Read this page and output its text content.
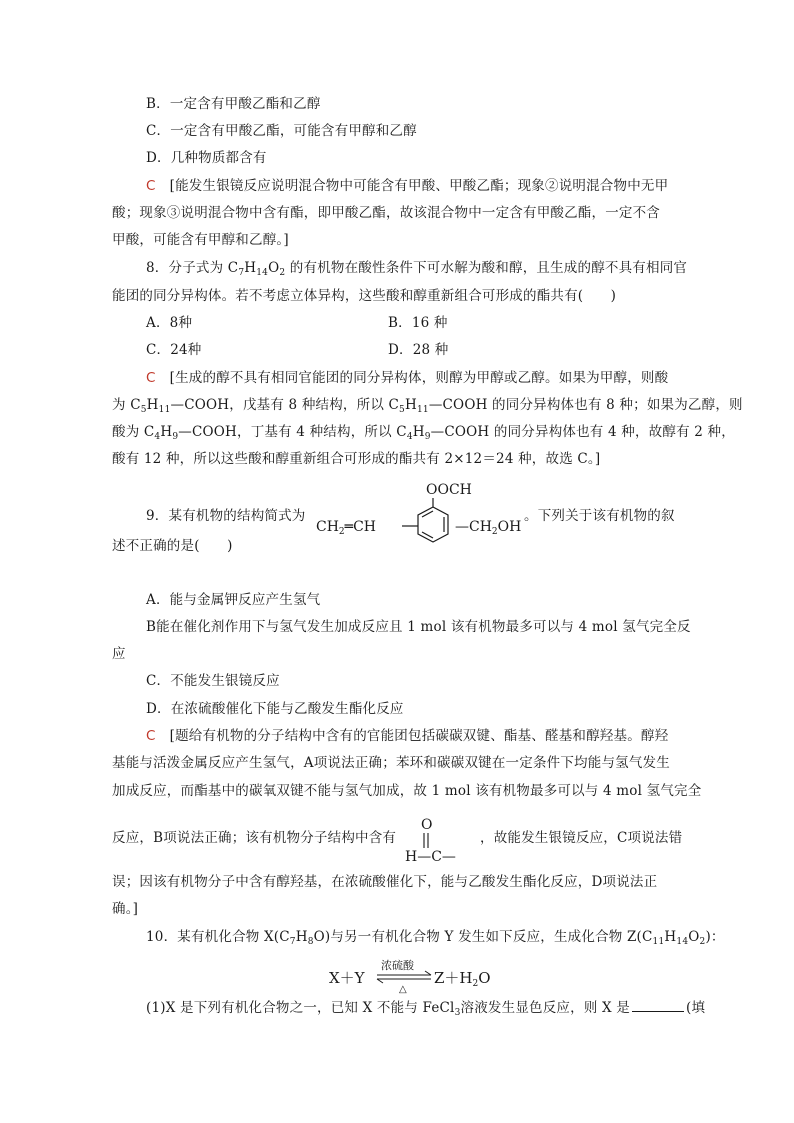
B．一定含有甲酸乙酯和乙醇
C．一定含有甲酸乙酯，可能含有甲醇和乙醇
D．几种物质都含有
C [能发生银镜反应说明混合物中可能含有甲酸、甲酸乙酯；现象②说明混合物中无甲
酸；现象③说明混合物中含有酯，即甲酸乙酯，故该混合物中一定含有甲酸乙酯，一定不含
甲酸，可能含有甲醇和乙醇。]
8．分子式为 $C_7H_{14}O_2$ 的有机物在酸性条件下可水解为酸和醇，且生成的醇不具有相同官
能团的同分异构体。若不考虑立体异构，这些酸和醇重新组合可形成的酯共有(　　)
A．8种	B．16 种
C．24种	D．28 种
C [生成的醇不具有相同官能团的同分异构体，则醇为甲醇或乙醇。如果为甲醇，则酸
为 $C_5H_{11}—COOH$，戊基有 8 种结构，所以 $C_5H_{11}—COOH$ 的同分异构体也有 8 种；如果为乙醇，则
酸为 $C_4H_9—COOH$，丁基有 4 种结构，所以 $C_4H_9—COOH$ 的同分异构体也有 4 种，故醇有 2 种，
酸有 12 种，所以这些酸和醇重新组合可形成的酯共有 2×12＝24 种，故选 C。]
9．某有机物的结构简式为	。下列关于该有机物的叙
OOCH
$CH_2═CH$	$—CH_2OH$
述不正确的是(　　)
A．能与金属钾反应产生氢气
B能在催化剂作用下与氢气发生加成反应且 1 mol 该有机物最多可以与 4 mol 氢气完全反
应
C．不能发生银镜反应
D．在浓硫酸催化下能与乙酸发生酯化反应
C [题给有机物的分子结构中含有的官能团包括碳碳双键、酯基、醛基和醇羟基。醇羟
基能与活泼金属反应产生氢气，A项说法正确；苯环和碳碳双键在一定条件下均能与氢气发生
加成反应，而酯基中的碳氧双键不能与氢气加成，故 1 mol 该有机物最多可以与 4 mol 氢气完全
反应，B项说法正确；该有机物分子结构中含有
O
H—C—
，故能发生银镜反应，C项说法错
误；因该有机物分子中含有醇羟基，在浓硫酸催化下，能与乙酸发生酯化反应，D项说法正
确。]
10．某有机化合物 $X(C_7H_8O)$与另一有机化合物 Y 发生如下反应，生成化合物 $Z(C_{11}H_{14}O_2)$：
X＋Y
浓硫酸
△
$Z+H_2O$
(1)X 是下列有机化合物之一，已知 X 不能与 FeCl$_3$溶液发生显色反应，则 X 是	(填
